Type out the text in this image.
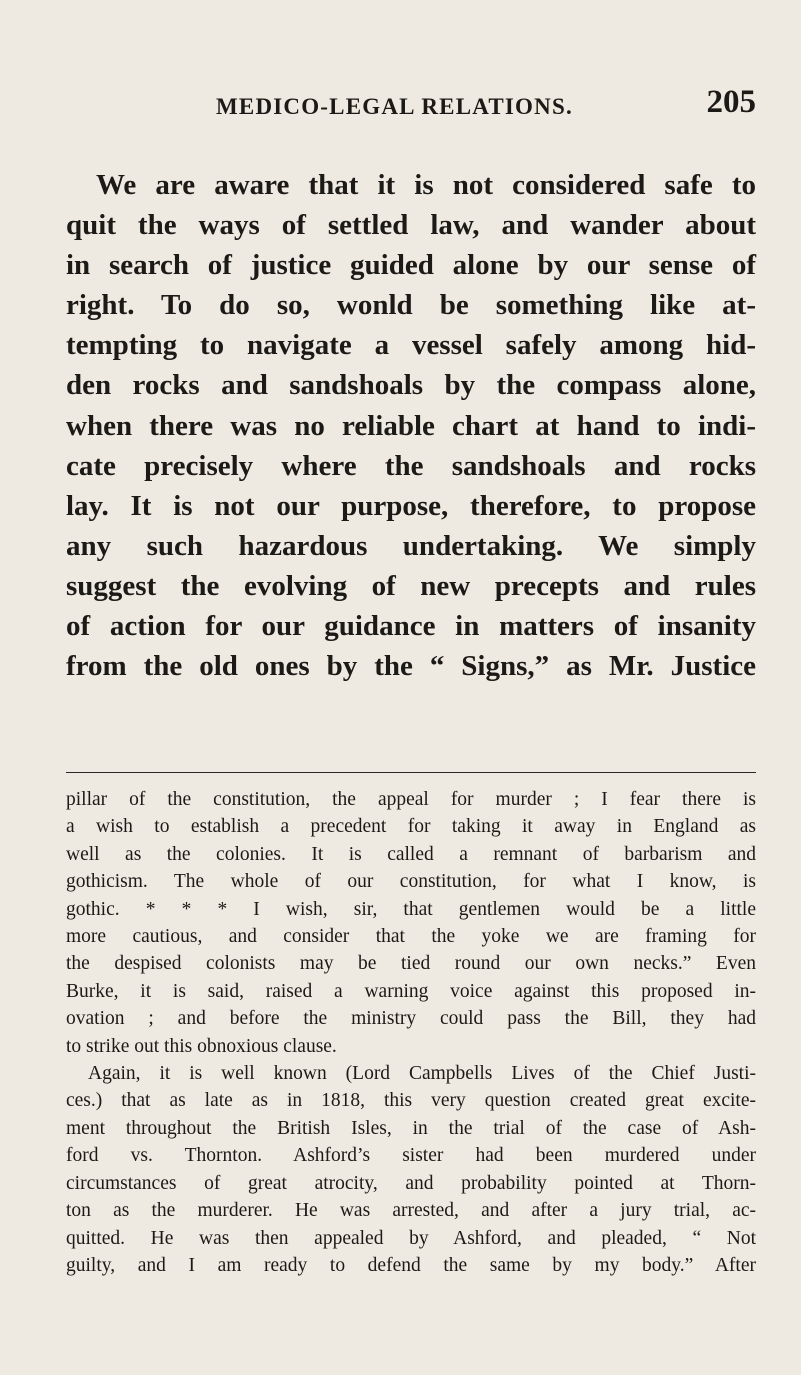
MEDICO-LEGAL RELATIONS.	205
We are aware that it is not considered safe to
quit the ways of settled law, and wander about
in search of justice guided alone by our sense of
right. To do so, wonld be something like at-
tempting to navigate a vessel safely among hid-
den rocks and sandshoals by the compass alone,
when there was no reliable chart at hand to indi-
cate precisely where the sandshoals and rocks
lay. It is not our purpose, therefore, to propose
any such hazardous undertaking. We simply
suggest the evolving of new precepts and rules
of action for our guidance in matters of insanity
from the old ones by the “ Signs,” as Mr. Justice
pillar of the constitution, the appeal for murder ; I fear there is
a wish to establish a precedent for taking it away in England as
well as the colonies. It is called a remnant of barbarism and
gothicism. The whole of our constitution, for what I know, is
gothic. * * * I wish, sir, that gentlemen would be a little
more cautious, and consider that the yoke we are framing for
the despised colonists may be tied round our own necks.” Even
Burke, it is said, raised a warning voice against this proposed in-
ovation ; and before the ministry could pass the Bill, they had
to strike out this obnoxious clause.
Again, it is well known (Lord Campbells Lives of the Chief Justi-
ces.) that as late as in 1818, this very question created great excite-
ment throughout the British Isles, in the trial of the case of Ash-
ford vs. Thornton. Ashford’s sister had been murdered under
circumstances of great atrocity, and probability pointed at Thorn-
ton as the murderer. He was arrested, and after a jury trial, ac-
quitted. He was then appealed by Ashford, and pleaded, “ Not
guilty, and I am ready to defend the same by my body.” After
